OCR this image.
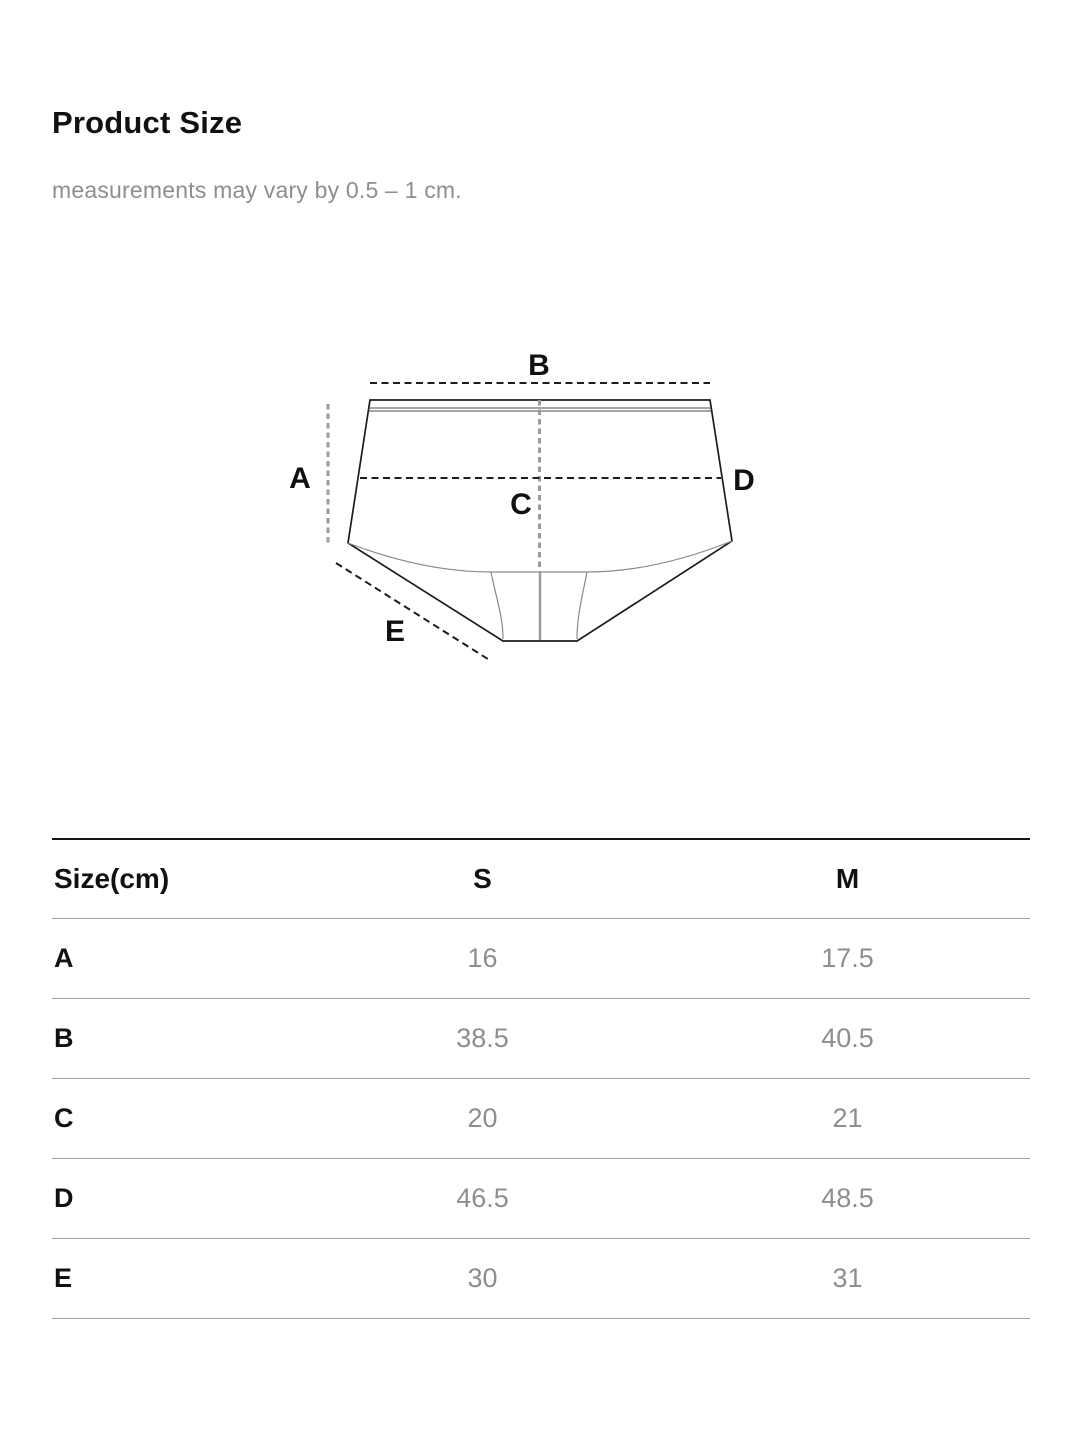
Product Size

measurements may vary by 0.5 – 1 cm.

B
A
C
D
E
Size(cm)	S	M
A	16	17.5
B	38.5	40.5
C	20	21
D	46.5	48.5
E	30	31
